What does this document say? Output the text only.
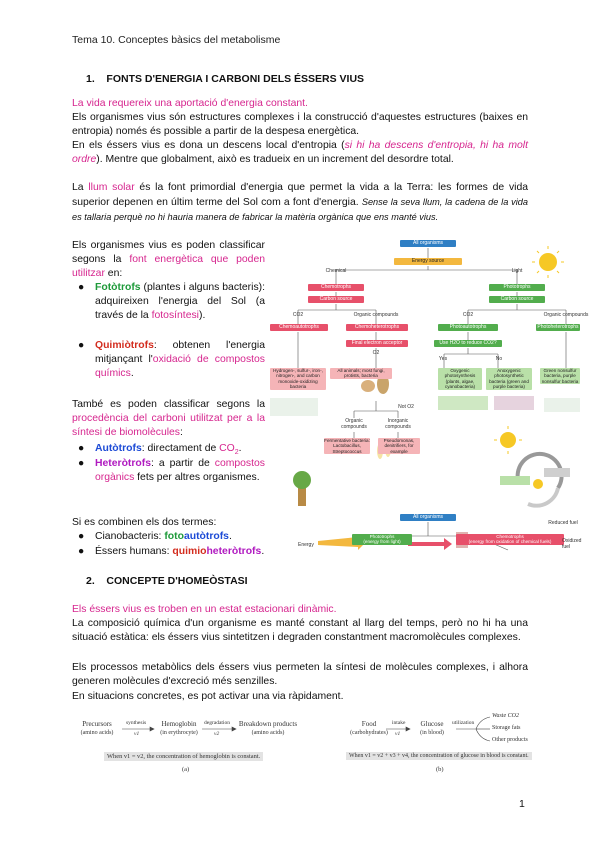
Tema 10. Conceptes bàsics del metabolisme
1.    FONTS D'ENERGIA I CARBONI DELS ÉSSERS VIUS

La vida requereix una aportació d'energia constant.

Els organismes vius són estructures complexes i la construcció d'aquestes estructures (baixes en entropia) només és possible a partir de la despesa energètica.

En els éssers vius es dona un descens local d'entropia (si hi ha descens d'entropia, hi ha molt ordre). Mentre que globalment, això es tradueix en un increment del desordre total.

La llum solar és la font primordial d'energia que permet la vida a la Terra: les formes de vida superior depenen en últim terme del Sol com a font d'energia. Sense la seva llum, la cadena de la vida es tallaria perquè no hi hauria manera de fabricar la matèria orgànica que ens manté vius.

Els organismes vius es poden classificar segons la font energètica que poden utilitzar en:

● Fotòtrofs (plantes i alguns bacteris): adquireixen l'energia del Sol (a través de la fotosíntesi).

● Quimiòtrofs: obtenen l'energia mitjançant l'oxidació de compostos químics.

També es poden classificar segons la procedència del carboni utilitzat per a la síntesi de biomolècules:

● Autòtrofs: directament de $CO_2$.

● Heteròtrofs: a partir de compostos orgànics fets per altres organismes.

Si es combinen els dos termes:

● Cianobacteris: fotoautòtrofs.

● Éssers humans: quimioheteròtrofs.

All organisms
Energy source
Chemical	Light
Chemotrophs	Phototrophs
Carbon source	Carbon source
CO2	Organic compounds	CO2	Organic compounds
Chemoautotrophs	Chemoheterotrophs	Photoautotrophs	Photoheterotrophs
Final electron acceptor	Use H2O to reduce CO2?
O2
Yes	No
Hydrogen-, sulfur-, iron-, nitrogen-, and carbon monoxide-oxidizing bacteria
All animals; most fungi, protists, bacteria
Not O2
Organic compounds
Inorganic compounds
Fermentative bacteria: Lactobacillus, Streptococcus
Pseudomonas, denitrifiers, for example
Oxygenic photosynthesis (plants, algae, cyanobacteria)
Anoxygenic photosynthetic bacteria (green and purple bacteria)
Green nonsulfur bacteria, purple nonsulfur bacteria
All organisms
Energy
Phototrophs
(energy from light)
Chemotrophs
(energy from oxidation of chemical fuels)
Reduced fuel
Oxidized fuel
2.    CONCEPTE D'HOMEÒSTASI

Els éssers vius es troben en un estat estacionari dinàmic.

La composició química d'un organisme es manté constant al llarg del temps, però no hi ha una situació estàtica: els éssers vius sintetitzen i degraden constantment macromolècules complexes.

Els processos metabòlics dels éssers vius permeten la síntesi de molècules complexes, i alhora generen molècules d'excreció més senzilles.

En situacions concretes, es pot activar una via ràpidament.

Precursors
(amino acids)
synthesis
v1
Hemoglobin
(in erythrocyte)
degradation
v2
Breakdown products
(amino acids)
When v1 = v2, the concentration of hemoglobin is constant.
(a)
Food
(carbohydrates)
intake
v1
Glucose
(in blood)
utilization
Waste CO2
Storage fats
Other products
When v1 = v2 + v3 + v4, the concentration of glucose in blood is constant.
(b)
1
